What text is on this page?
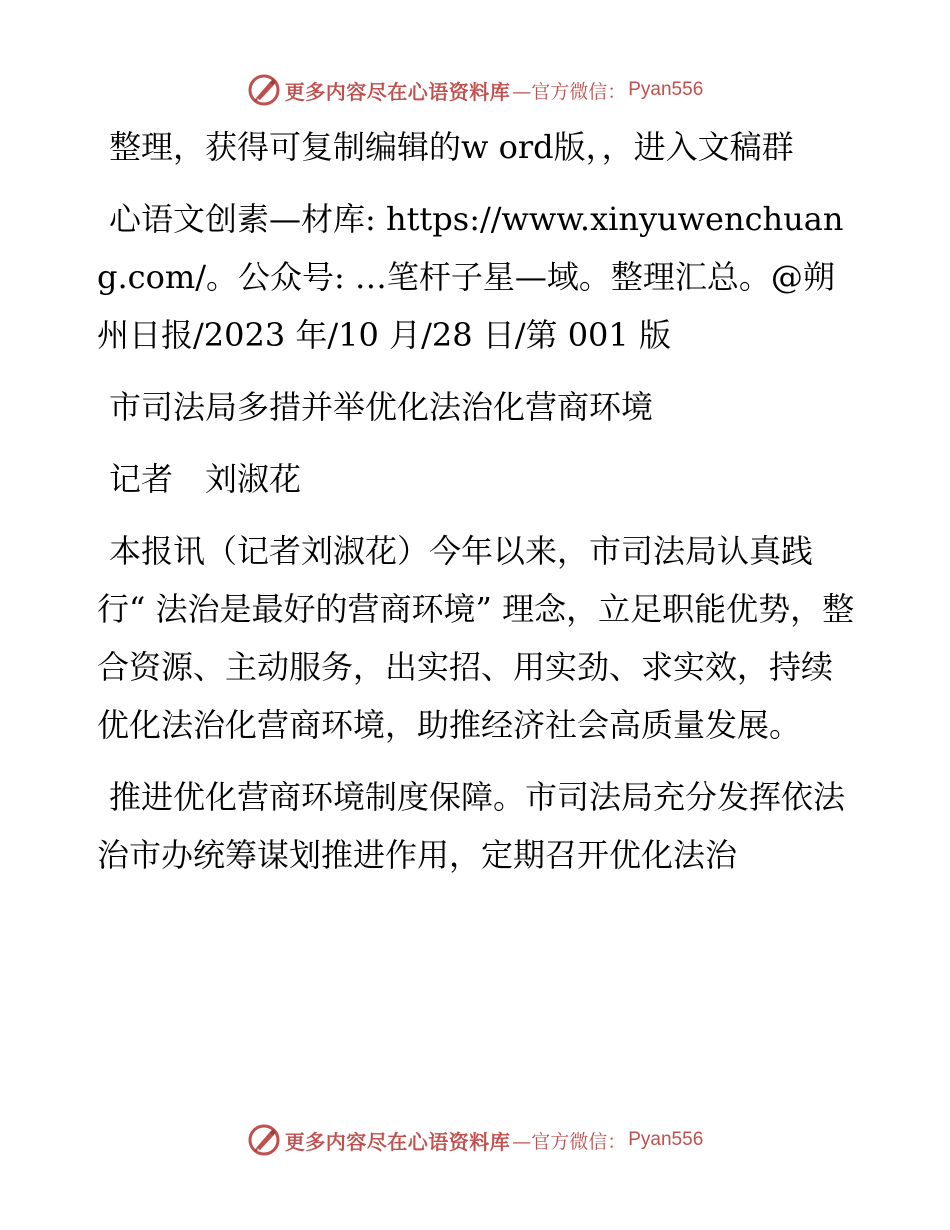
更多内容尽在心语资料库 —官方微信： Pyan556

整理，获得可复制编辑的w ord版，，进入文稿群

心语文创素—材库: https://www.xinyuwenchuang.com/。公众号: …笔杆子星—域。整理汇总。@朔州日报/2023 年/10 月/28 日/第 001 版

市司法局多措并举优化法治化营商环境

记者　刘淑花

本报讯（记者刘淑花）今年以来，市司法局认真践行“ 法治是最好的营商环境” 理念，立足职能优势，整合资源、主动服务，出实招、用实劲、求实效，持续优化法治化营商环境，助推经济社会高质量发展。

推进优化营商环境制度保障。市司法局充分发挥依法治市办统筹谋划推进作用，定期召开优化法治

更多内容尽在心语资料库 —官方微信： Pyan556
